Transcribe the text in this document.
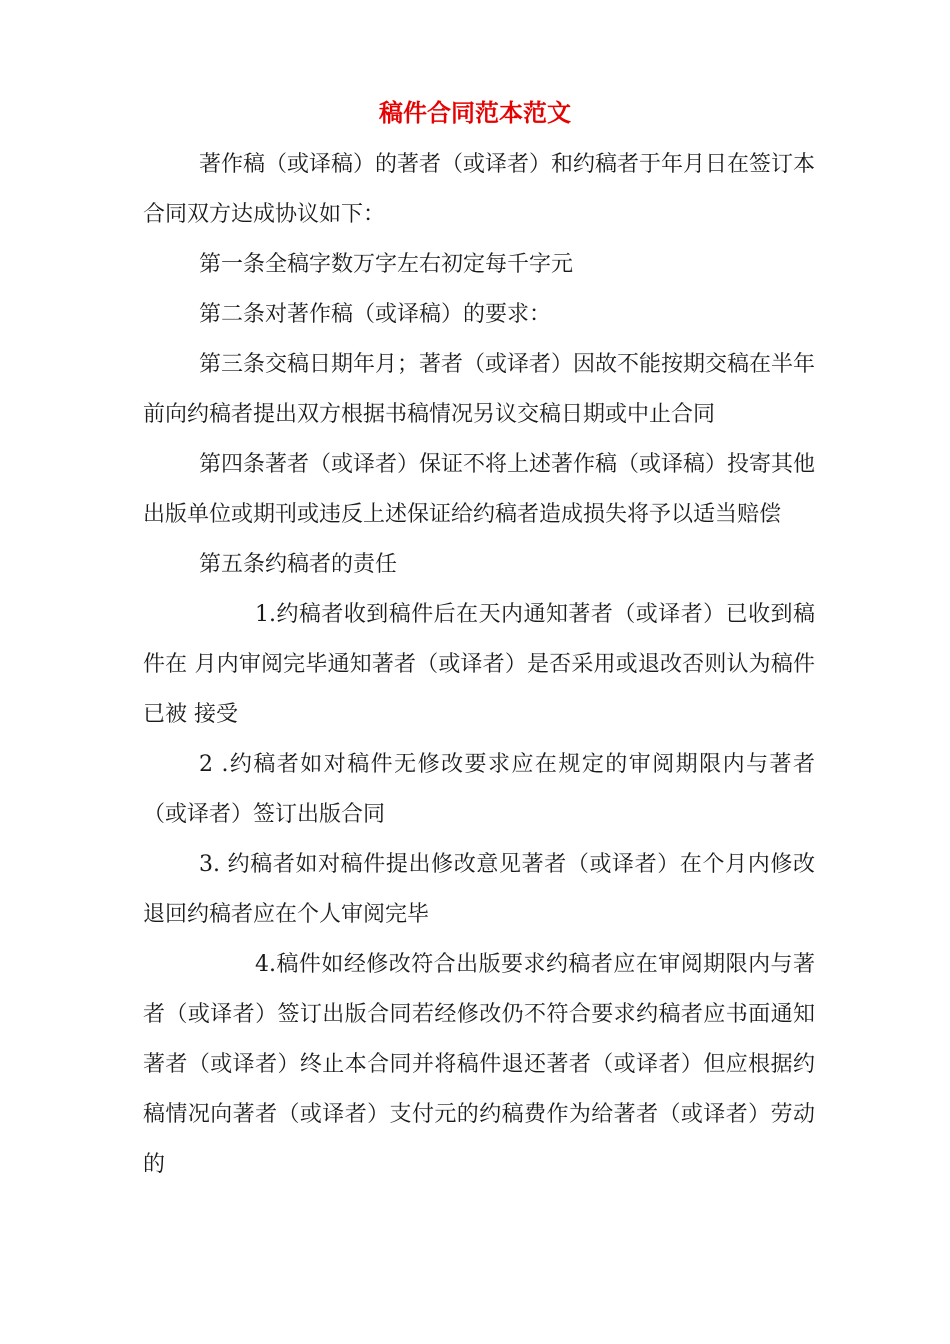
稿件合同范本范文

著作稿（或译稿）的著者（或译者）和约稿者于年月日在签订本合同双方达成协议如下：

第一条全稿字数万字左右初定每千字元

第二条对著作稿（或译稿）的要求：

第三条交稿日期年月；著者（或译者）因故不能按期交稿在半年前向约稿者提出双方根据书稿情况另议交稿日期或中止合同

第四条著者（或译者）保证不将上述著作稿（或译稿）投寄其他出版单位或期刊或违反上述保证给约稿者造成损失将予以适当赔偿

第五条约稿者的责任

1.约稿者收到稿件后在天内通知著者（或译者）已收到稿件在 月内审阅完毕通知著者（或译者）是否采用或退改否则认为稿件已被 接受

2 .约稿者如对稿件无修改要求应在规定的审阅期限内与著者（或译者）签订出版合同

3. 约稿者如对稿件提出修改意见著者（或译者）在个月内修改退回约稿者应在个人审阅完毕

4.稿件如经修改符合出版要求约稿者应在审阅期限内与著者（或译者）签订出版合同若经修改仍不符合要求约稿者应书面通知著者（或译者）终止本合同并将稿件退还著者（或译者）但应根据约稿情况向著者（或译者）支付元的约稿费作为给著者（或译者）劳动的
